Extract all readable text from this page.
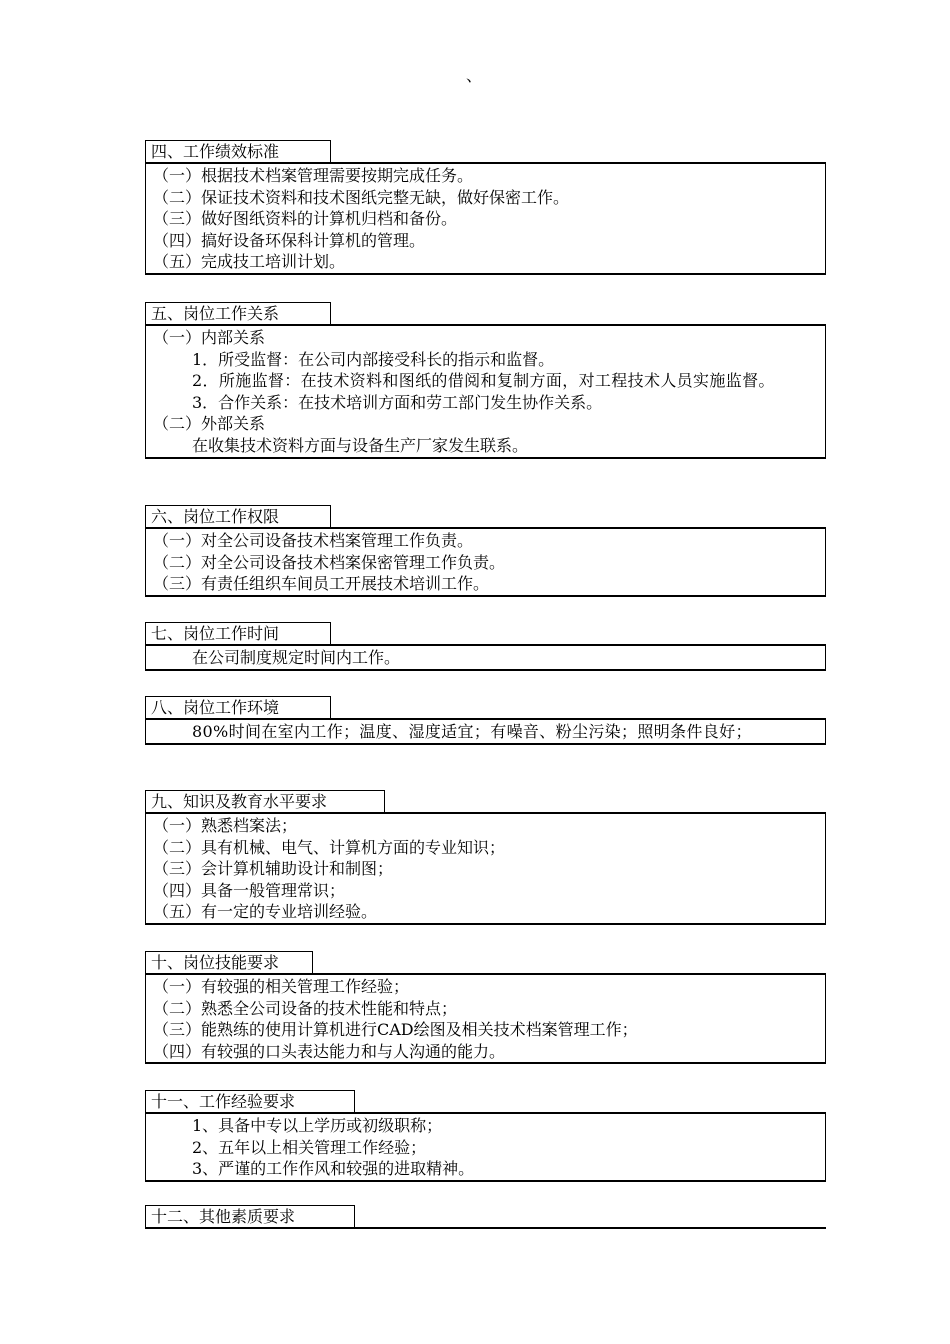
、
四、工作绩效标准
（一）根据技术档案管理需要按期完成任务。
（二）保证技术资料和技术图纸完整无缺，做好保密工作。
（三）做好图纸资料的计算机归档和备份。
（四）搞好设备环保科计算机的管理。
（五）完成技工培训计划。
五、岗位工作关系
（一）内部关系
1．所受监督：在公司内部接受科长的指示和监督。
2．所施监督：在技术资料和图纸的借阅和复制方面，对工程技术人员实施监督。
3．合作关系：在技术培训方面和劳工部门发生协作关系。
（二）外部关系
在收集技术资料方面与设备生产厂家发生联系。
六、岗位工作权限
（一）对全公司设备技术档案管理工作负责。
（二）对全公司设备技术档案保密管理工作负责。
（三）有责任组织车间员工开展技术培训工作。
七、岗位工作时间
在公司制度规定时间内工作。
八、岗位工作环境
80%时间在室内工作；温度、湿度适宜；有噪音、粉尘污染；照明条件良好；
九、知识及教育水平要求
（一）熟悉档案法；
（二）具有机械、电气、计算机方面的专业知识；
（三）会计算机辅助设计和制图；
（四）具备一般管理常识；
（五）有一定的专业培训经验。
十、岗位技能要求
（一）有较强的相关管理工作经验；
（二）熟悉全公司设备的技术性能和特点；
（三）能熟练的使用计算机进行CAD绘图及相关技术档案管理工作；
（四）有较强的口头表达能力和与人沟通的能力。
十一、工作经验要求
1、具备中专以上学历或初级职称；
2、五年以上相关管理工作经验；
3、严谨的工作作风和较强的进取精神。
十二、其他素质要求
